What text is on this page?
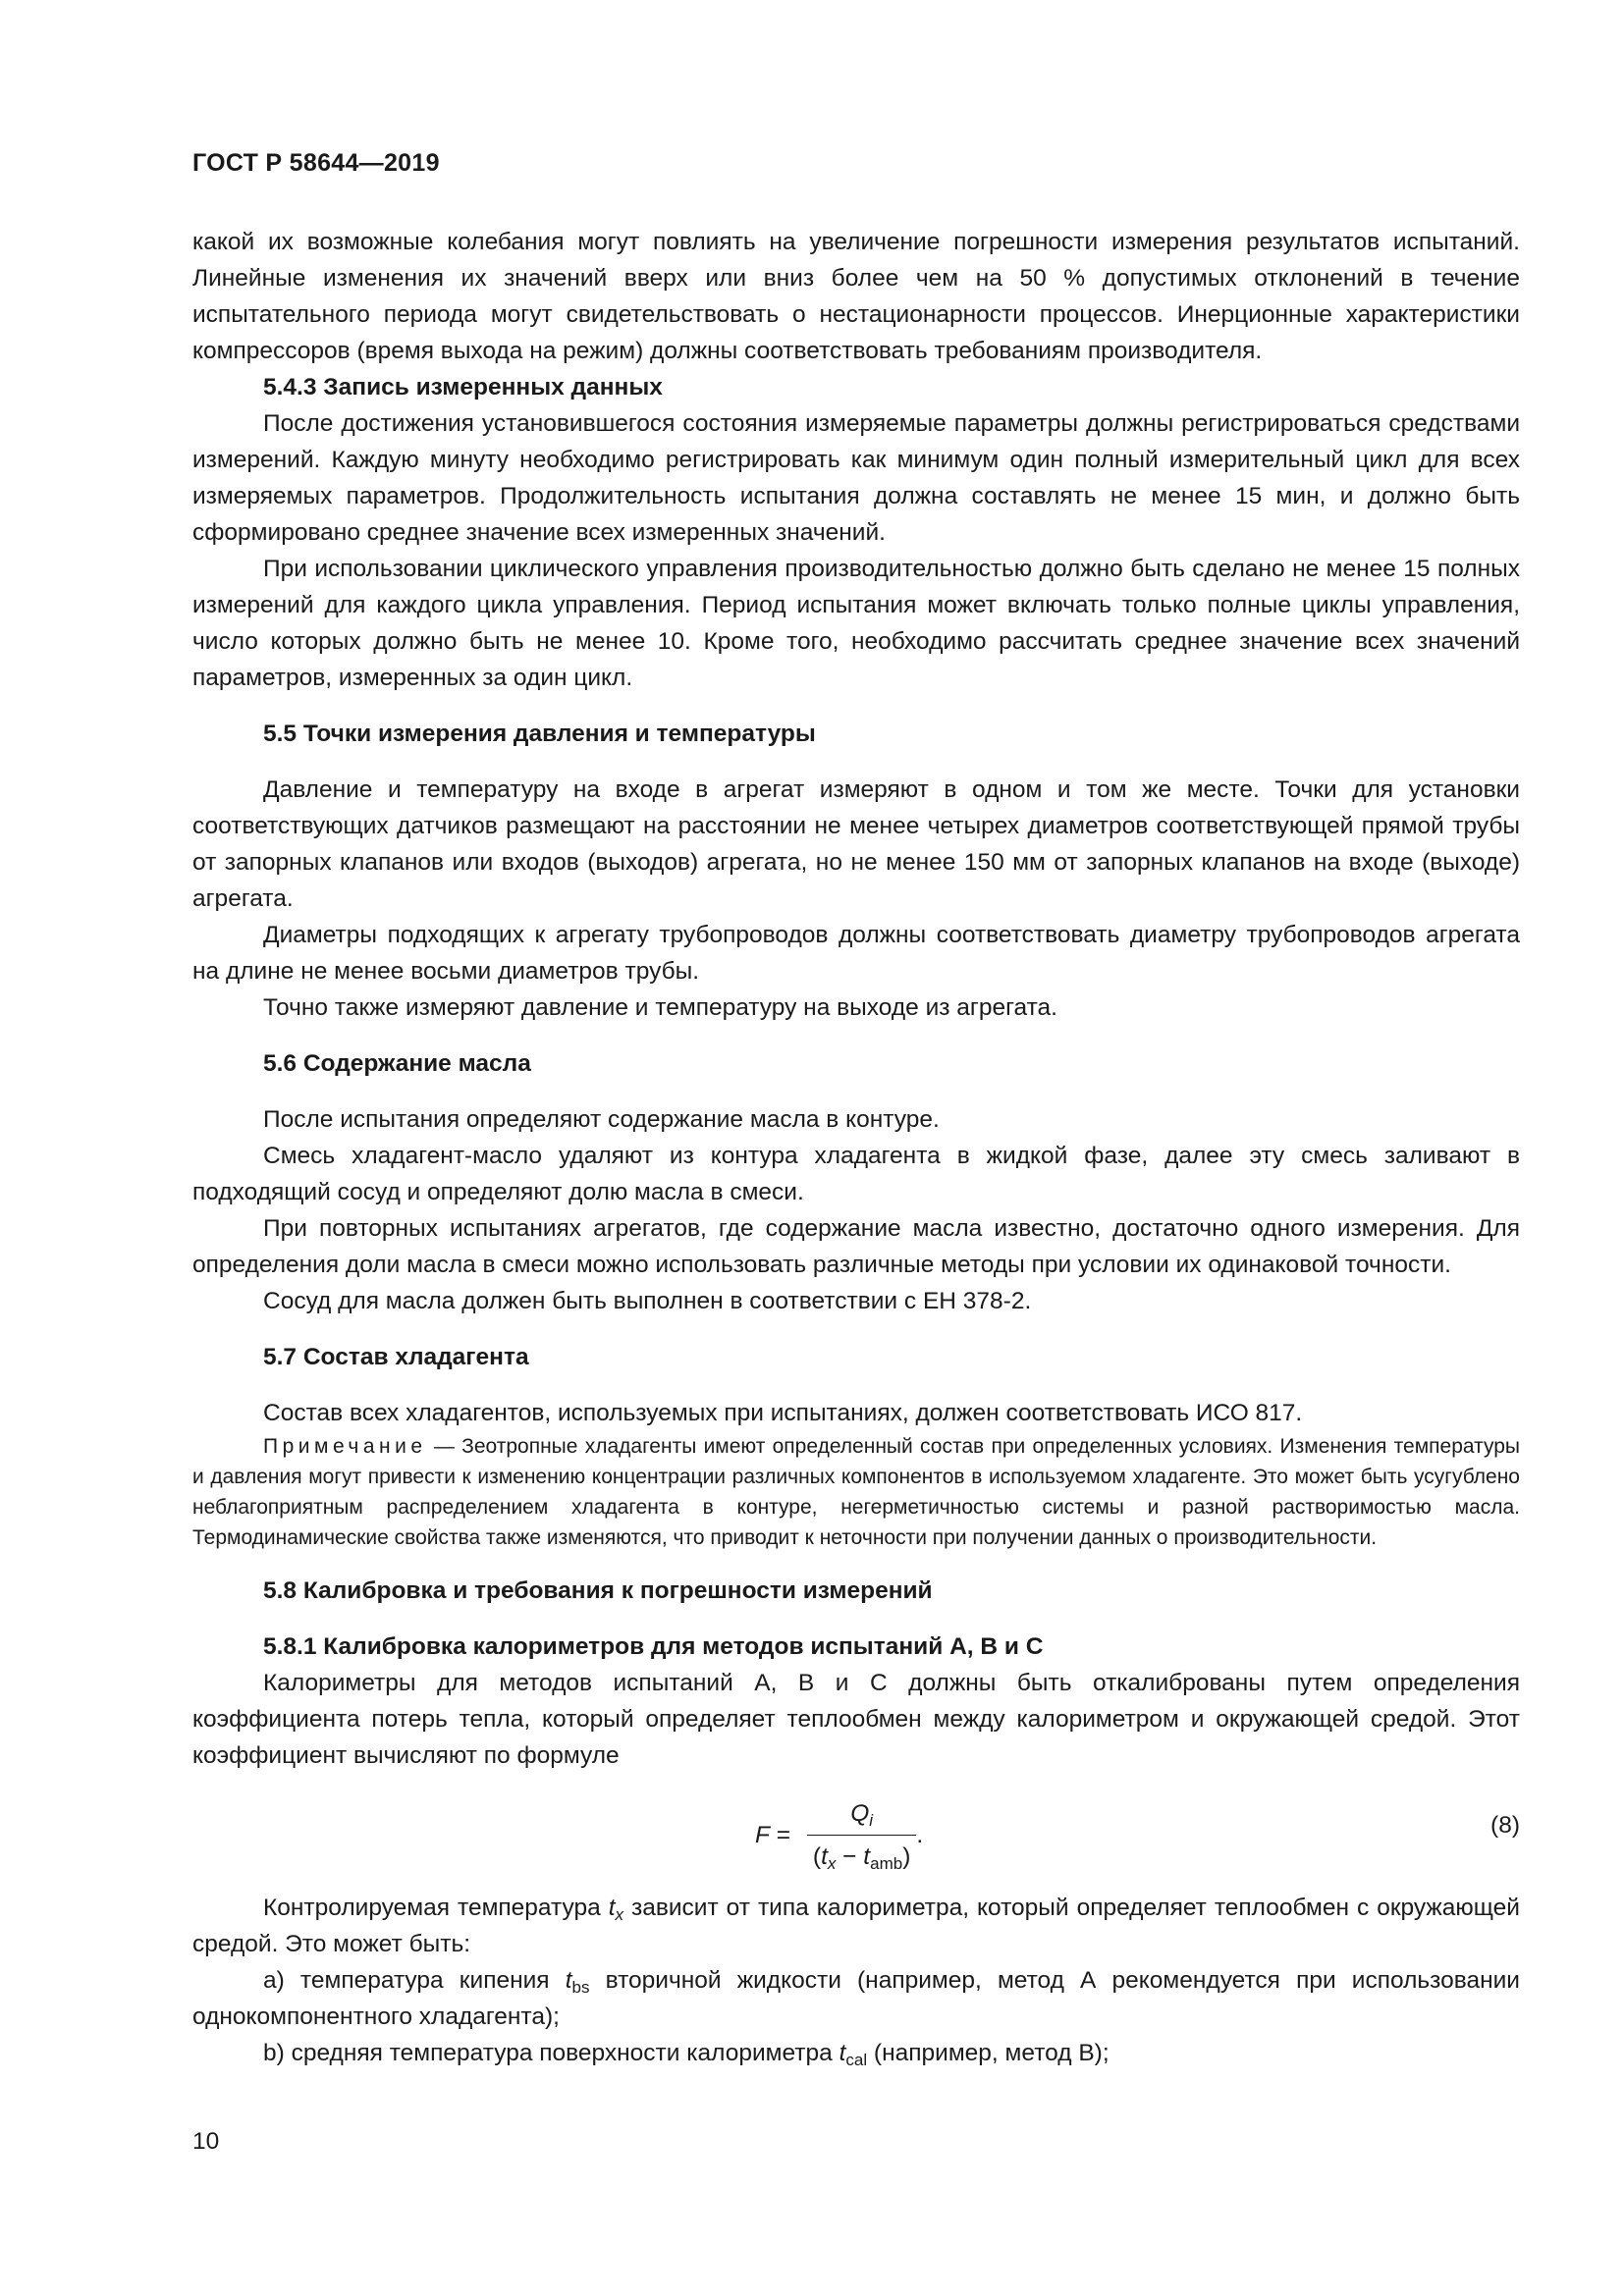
ГОСТ Р 58644—2019

какой их возможные колебания могут повлиять на увеличение погрешности измерения результатов испытаний. Линейные изменения их значений вверх или вниз более чем на 50 % допустимых отклонений в течение испытательного периода могут свидетельствовать о нестационарности процессов. Инерционные характеристики компрессоров (время выхода на режим) должны соответствовать требованиям производителя.

5.4.3 Запись измеренных данных

После достижения установившегося состояния измеряемые параметры должны регистрироваться средствами измерений. Каждую минуту необходимо регистрировать как минимум один полный измерительный цикл для всех измеряемых параметров. Продолжительность испытания должна составлять не менее 15 мин, и должно быть сформировано среднее значение всех измеренных значений.

При использовании циклического управления производительностью должно быть сделано не менее 15 полных измерений для каждого цикла управления. Период испытания может включать только полные циклы управления, число которых должно быть не менее 10. Кроме того, необходимо рассчитать среднее значение всех значений параметров, измеренных за один цикл.

5.5 Точки измерения давления и температуры

Давление и температуру на входе в агрегат измеряют в одном и том же месте. Точки для установки соответствующих датчиков размещают на расстоянии не менее четырех диаметров соответствующей прямой трубы от запорных клапанов или входов (выходов) агрегата, но не менее 150 мм от запорных клапанов на входе (выходе) агрегата.

Диаметры подходящих к агрегату трубопроводов должны соответствовать диаметру трубопроводов агрегата на длине не менее восьми диаметров трубы.

Точно также измеряют давление и температуру на выходе из агрегата.

5.6 Содержание масла

После испытания определяют содержание масла в контуре.

Смесь хладагент-масло удаляют из контура хладагента в жидкой фазе, далее эту смесь заливают в подходящий сосуд и определяют долю масла в смеси.

При повторных испытаниях агрегатов, где содержание масла известно, достаточно одного измерения. Для определения доли масла в смеси можно использовать различные методы при условии их одинаковой точности.

Сосуд для масла должен быть выполнен в соответствии с ЕН 378-2.

5.7 Состав хладагента

Состав всех хладагентов, используемых при испытаниях, должен соответствовать ИСО 817.

Примечание — Зеотропные хладагенты имеют определенный состав при определенных условиях. Изменения температуры и давления могут привести к изменению концентрации различных компонентов в используемом хладагенте. Это может быть усугублено неблагоприятным распределением хладагента в контуре, негерметичностью системы и разной растворимостью масла. Термодинамические свойства также изменяются, что приводит к неточности при получении данных о производительности.

5.8 Калибровка и требования к погрешности измерений

5.8.1 Калибровка калориметров для методов испытаний А, В и С

Калориметры для методов испытаний А, В и С должны быть откалиброваны путем определения коэффициента потерь тепла, который определяет теплообмен между калориметром и окружающей средой. Этот коэффициент вычисляют по формуле

$F = \frac{Q_i}{(t_x - t_{amb})}$ .	(8)

Контролируемая температура $t_x$ зависит от типа калориметра, который определяет теплообмен с окружающей средой. Это может быть:

a) температура кипения $t_{bs}$ вторичной жидкости (например, метод А рекомендуется при использовании однокомпонентного хладагента);

b) средняя температура поверхности калориметра $t_{cal}$ (например, метод В);

10
